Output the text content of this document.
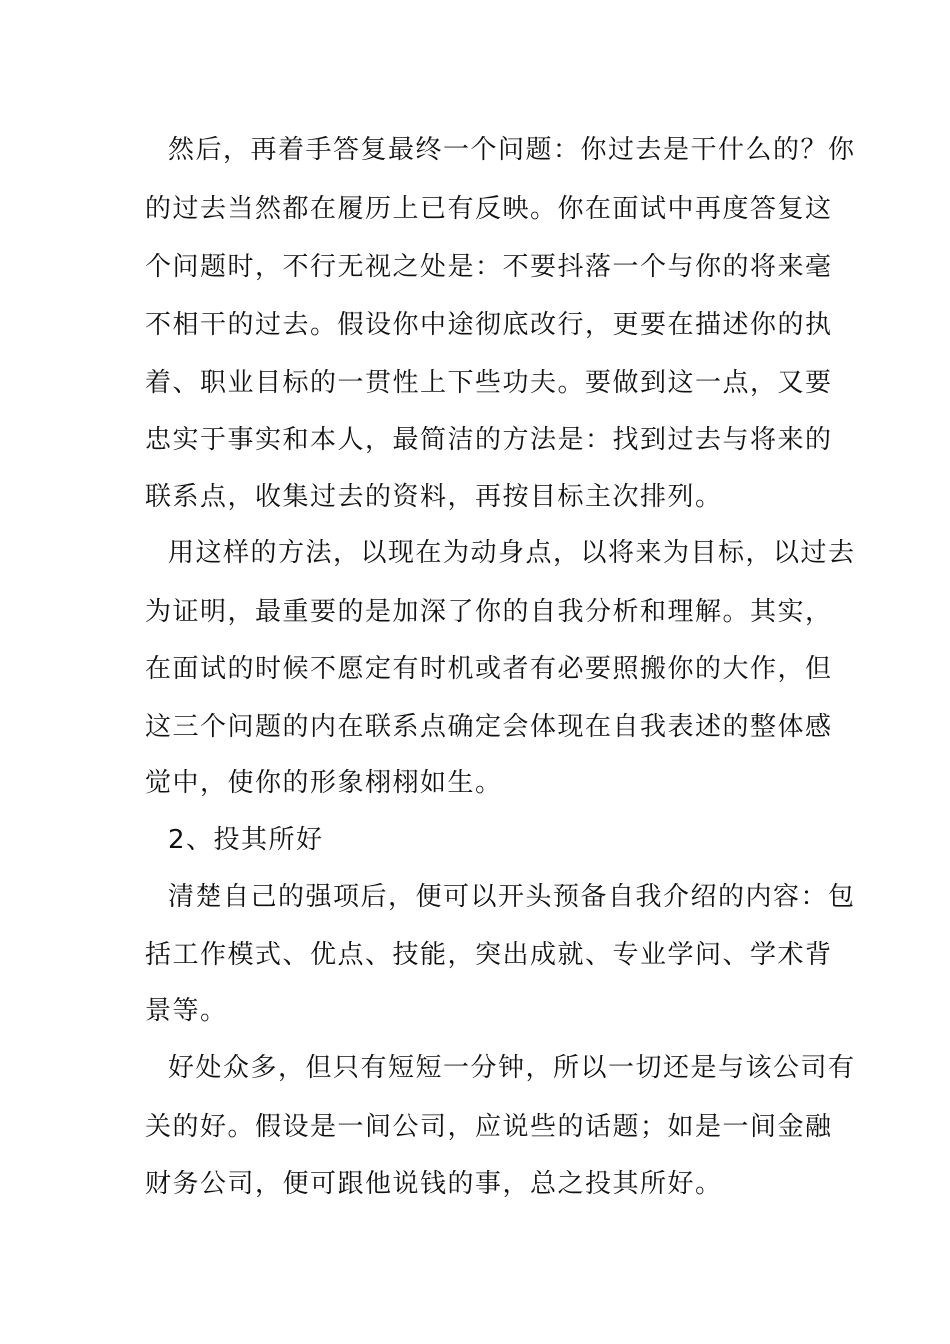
然后，再着手答复最终一个问题：你过去是干什么的？你
的过去当然都在履历上已有反映。你在面试中再度答复这
个问题时，不行无视之处是：不要抖落一个与你的将来毫
不相干的过去。假设你中途彻底改行，更要在描述你的执
着、职业目标的一贯性上下些功夫。要做到这一点，又要
忠实于事实和本人，最简洁的方法是：找到过去与将来的
联系点，收集过去的资料，再按目标主次排列。
用这样的方法，以现在为动身点，以将来为目标，以过去
为证明，最重要的是加深了你的自我分析和理解。其实，
在面试的时候不愿定有时机或者有必要照搬你的大作，但
这三个问题的内在联系点确定会体现在自我表述的整体感
觉中，使你的形象栩栩如生。
2、投其所好
清楚自己的强项后，便可以开头预备自我介绍的内容：包
括工作模式、优点、技能，突出成就、专业学问、学术背
景等。
好处众多，但只有短短一分钟，所以一切还是与该公司有
关的好。假设是一间公司，应说些的话题；如是一间金融
财务公司，便可跟他说钱的事，总之投其所好。
